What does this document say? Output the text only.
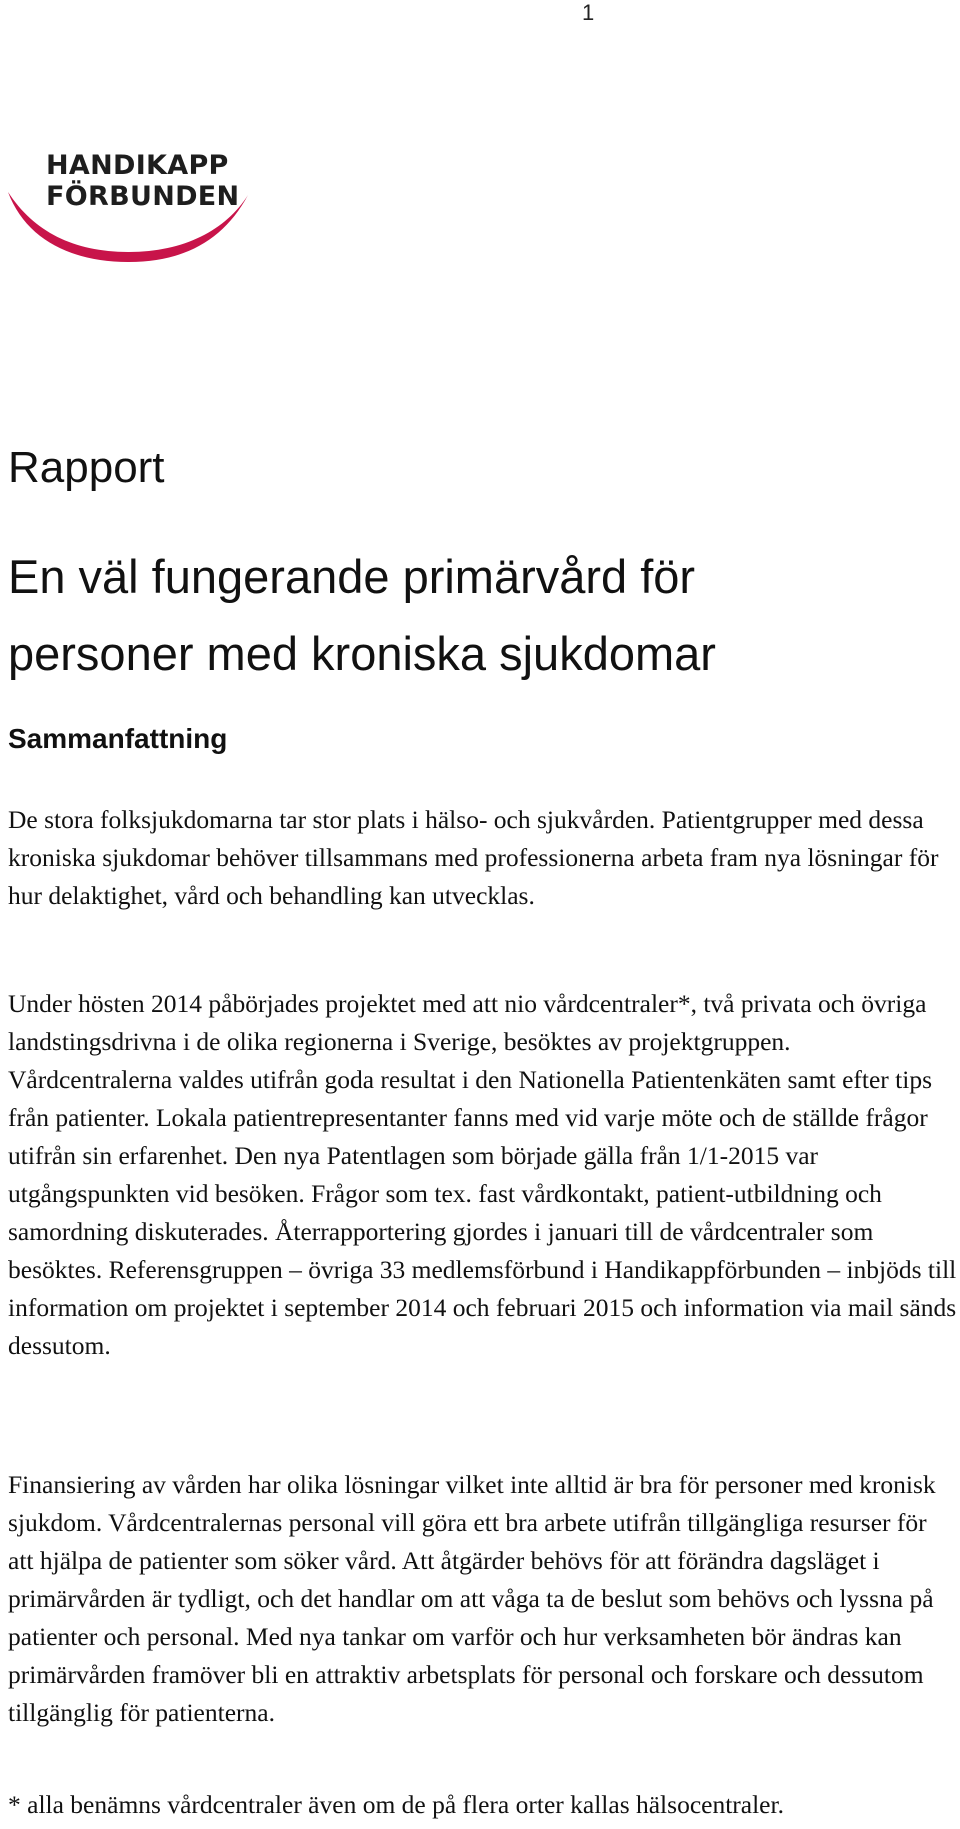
1
HANDIKAPP
FÖRBUNDEN
Rapport
En väl fungerande primärvård för
personer med kroniska sjukdomar
Sammanfattning

De stora folksjukdomarna tar stor plats i hälso- och sjukvården. Patientgrupper med dessa kroniska sjukdomar behöver tillsammans med professionerna arbeta fram nya lösningar för hur delaktighet, vård och behandling kan utvecklas.

Under hösten 2014 påbörjades projektet med att nio vårdcentraler*, två privata och övriga landstingsdrivna i de olika regionerna i Sverige, besöktes av projektgruppen. Vårdcentralerna valdes utifrån goda resultat i den Nationella Patientenkäten samt efter tips från patienter. Lokala patientrepresentanter fanns med vid varje möte och de ställde frågor utifrån sin erfarenhet. Den nya Patentlagen som började gälla från 1/1-2015 var utgångspunkten vid besöken. Frågor som tex. fast vårdkontakt, patient-utbildning och samordning diskuterades. Återrapportering gjordes i januari till de vårdcentraler som besöktes. Referensgruppen – övriga 33 medlemsförbund i Handikappförbunden – inbjöds till information om projektet i september 2014 och februari 2015 och information via mail sänds dessutom.

Finansiering av vården har olika lösningar vilket inte alltid är bra för personer med kronisk sjukdom. Vårdcentralernas personal vill göra ett bra arbete utifrån tillgängliga resurser för att hjälpa de patienter som söker vård. Att åtgärder behövs för att förändra dagsläget i primärvården är tydligt, och det handlar om att våga ta de beslut som behövs och lyssna på patienter och personal. Med nya tankar om varför och hur verksamheten bör ändras kan primärvården framöver bli en attraktiv arbetsplats för personal och forskare och dessutom tillgänglig för patienterna.

* alla benämns vårdcentraler även om de på flera orter kallas hälsocentraler.
